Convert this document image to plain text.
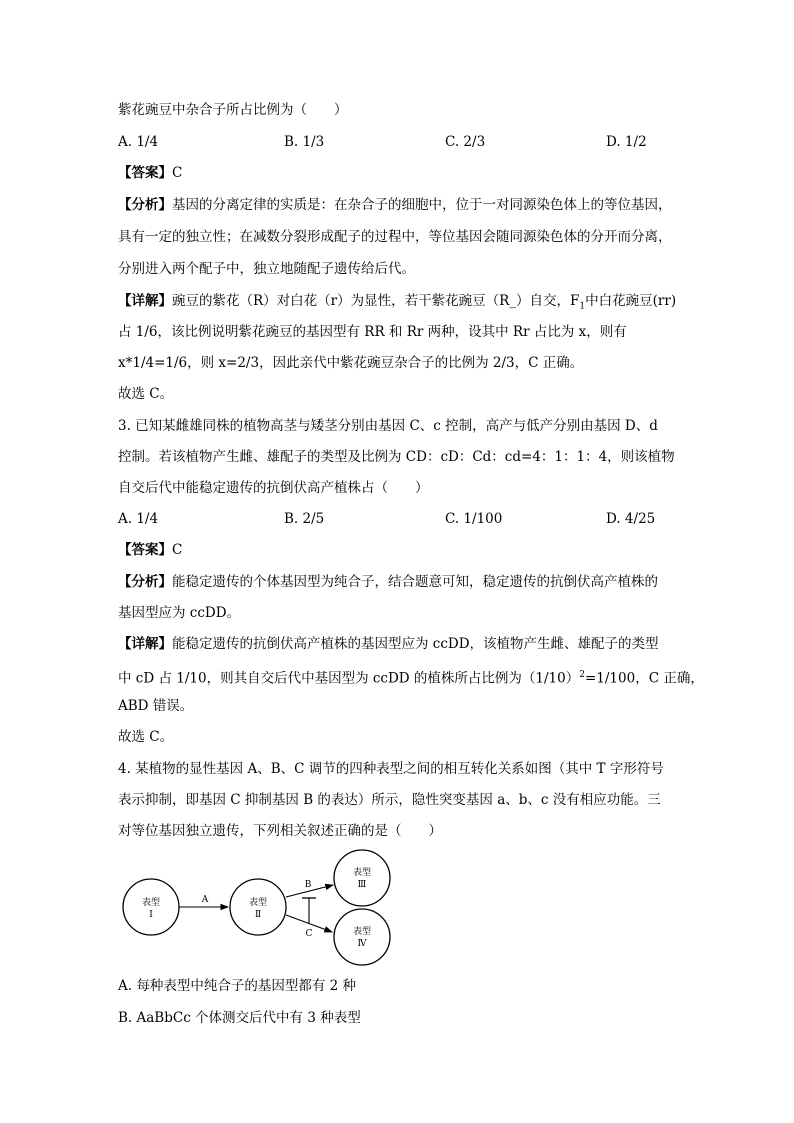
紫花豌豆中杂合子所占比例为（　　）
A. 1/4	B. 1/3	C. 2/3	D. 1/2
【答案】C
【分析】基因的分离定律的实质是：在杂合子的细胞中，位于一对同源染色体上的等位基因，
具有一定的独立性；在减数分裂形成配子的过程中，等位基因会随同源染色体的分开而分离，
分别进入两个配子中，独立地随配子遗传给后代。
【详解】豌豆的紫花（R）对白花（r）为显性，若干紫花豌豆（R_）自交，$F_1$中白花豌豆(rr)
占 1/6，该比例说明紫花豌豆的基因型有 RR 和 Rr 两种，设其中 Rr 占比为 x，则有
x*1/4=1/6，则 x=2/3，因此亲代中紫花豌豆杂合子的比例为 2/3，C 正确。
故选 C。
3. 已知某雌雄同株的植物高茎与矮茎分别由基因 C、c 控制，高产与低产分别由基因 D、d
控制。若该植物产生雌、雄配子的类型及比例为 CD：cD：Cd：cd=4：1：1：4，则该植物
自交后代中能稳定遗传的抗倒伏高产植株占（　　）
A. 1/4	B. 2/5	C. 1/100	D. 4/25
【答案】C
【分析】能稳定遗传的个体基因型为纯合子，结合题意可知，稳定遗传的抗倒伏高产植株的
基因型应为 ccDD。
【详解】能稳定遗传的抗倒伏高产植株的基因型应为 ccDD，该植物产生雌、雄配子的类型
中 cD 占 1/10，则其自交后代中基因型为 ccDD 的植株所占比例为$(1/10)^2=1/100$，C 正确，
ABD 错误。
故选 C。
4. 某植物的显性基因 A、B、C 调节的四种表型之间的相互转化关系如图（其中 T 字形符号
表示抑制，即基因 C 抑制基因 B 的表达）所示，隐性突变基因 a、b、c 没有相应功能。三
对等位基因独立遗传，下列相关叙述正确的是（　　）
表型
Ⅰ
表型
Ⅱ
表型
Ⅲ
表型
Ⅳ
A
B
C
A. 每种表型中纯合子的基因型都有 2 种
B. AaBbCc 个体测交后代中有 3 种表型
